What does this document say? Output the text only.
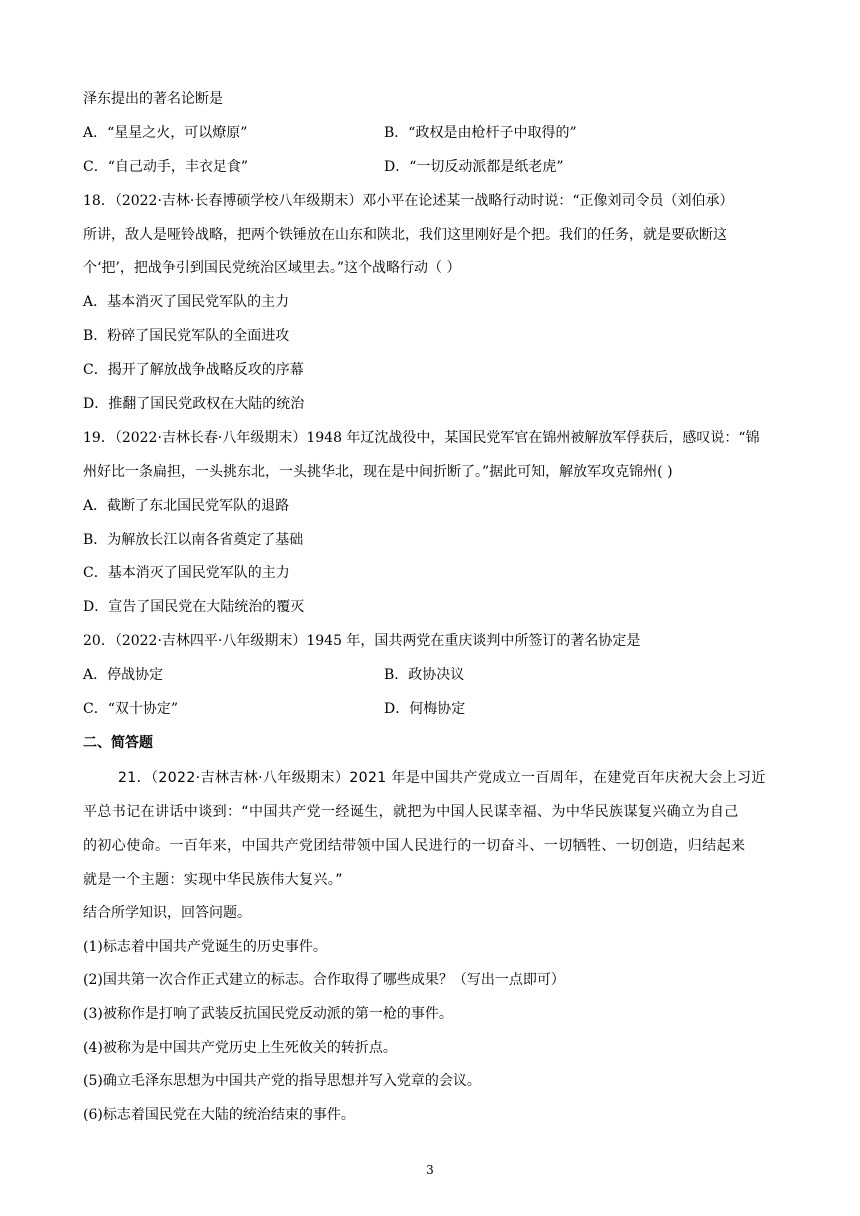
泽东提出的著名论断是
A．“星星之火，可以燎原”	B．“政权是由枪杆子中取得的”
C．“自己动手，丰衣足食”	D．“一切反动派都是纸老虎”
18．（2022·吉林·长春博硕学校八年级期末）邓小平在论述某一战略行动时说：“正像刘司令员（刘伯承）
所讲，敌人是哑铃战略，把两个铁锤放在山东和陕北，我们这里刚好是个把。我们的任务，就是要砍断这
个‘把’，把战争引到国民党统治区域里去。”这个战略行动（ ）
A．基本消灭了国民党军队的主力
B．粉碎了国民党军队的全面进攻
C．揭开了解放战争战略反攻的序幕
D．推翻了国民党政权在大陆的统治
19．（2022·吉林长春·八年级期末）1948 年辽沈战役中，某国民党军官在锦州被解放军俘获后，感叹说：“锦
州好比一条扁担，一头挑东北，一头挑华北，现在是中间折断了。”据此可知，解放军攻克锦州( )
A．截断了东北国民党军队的退路
B．为解放长江以南各省奠定了基础
C．基本消灭了国民党军队的主力
D．宣告了国民党在大陆统治的覆灭
20．（2022·吉林四平·八年级期末）1945 年，国共两党在重庆谈判中所签订的著名协定是
A．停战协定	B．政协决议
C．“双十协定”	D．何梅协定
二、简答题
21．（2022·吉林吉林·八年级期末）2021 年是中国共产党成立一百周年，在建党百年庆祝大会上习近
平总书记在讲话中谈到：“中国共产党一经诞生，就把为中国人民谋幸福、为中华民族谋复兴确立为自己
的初心使命。一百年来，中国共产党团结带领中国人民进行的一切奋斗、一切牺牲、一切创造，归结起来
就是一个主题：实现中华民族伟大复兴。”
结合所学知识，回答问题。
(1)标志着中国共产党诞生的历史事件。
(2)国共第一次合作正式建立的标志。合作取得了哪些成果？（写出一点即可）
(3)被称作是打响了武装反抗国民党反动派的第一枪的事件。
(4)被称为是中国共产党历史上生死攸关的转折点。
(5)确立毛泽东思想为中国共产党的指导思想并写入党章的会议。
(6)标志着国民党在大陆的统治结束的事件。
3
